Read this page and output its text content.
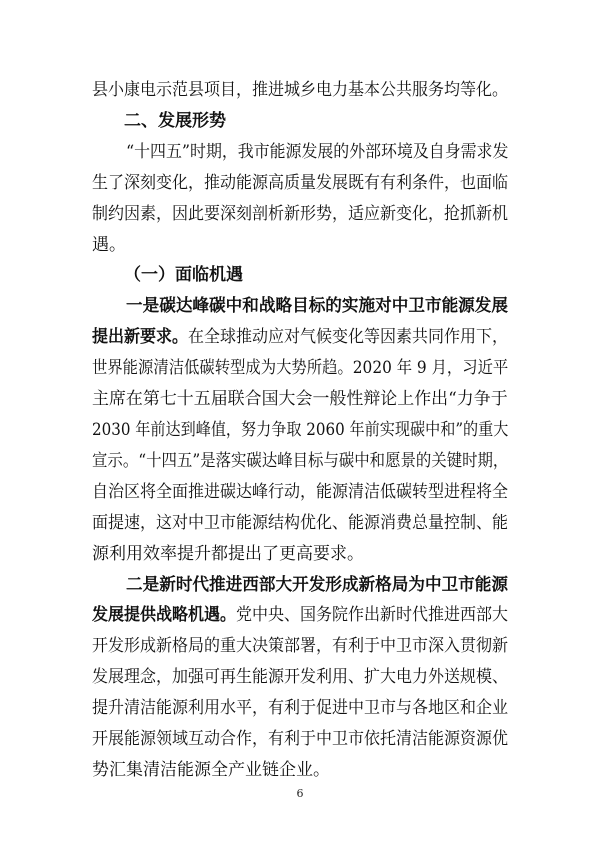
县小康电示范县项目，推进城乡电力基本公共服务均等化。
二、发展形势
“十四五”时期，我市能源发展的外部环境及自身需求发
生了深刻变化，推动能源高质量发展既有有利条件，也面临
制约因素，因此要深刻剖析新形势，适应新变化，抢抓新机
遇。
（一）面临机遇
一是碳达峰碳中和战略目标的实施对中卫市能源发展
提出新要求。在全球推动应对气候变化等因素共同作用下，
世界能源清洁低碳转型成为大势所趋。2020 年 9 月，习近平
主席在第七十五届联合国大会一般性辩论上作出“力争于
2030 年前达到峰值，努力争取 2060 年前实现碳中和”的重大
宣示。“十四五”是落实碳达峰目标与碳中和愿景的关键时期，
自治区将全面推进碳达峰行动，能源清洁低碳转型进程将全
面提速，这对中卫市能源结构优化、能源消费总量控制、能
源利用效率提升都提出了更高要求。
二是新时代推进西部大开发形成新格局为中卫市能源
发展提供战略机遇。党中央、国务院作出新时代推进西部大
开发形成新格局的重大决策部署，有利于中卫市深入贯彻新
发展理念，加强可再生能源开发利用、扩大电力外送规模、
提升清洁能源利用水平，有利于促进中卫市与各地区和企业
开展能源领域互动合作，有利于中卫市依托清洁能源资源优
势汇集清洁能源全产业链企业。
6
